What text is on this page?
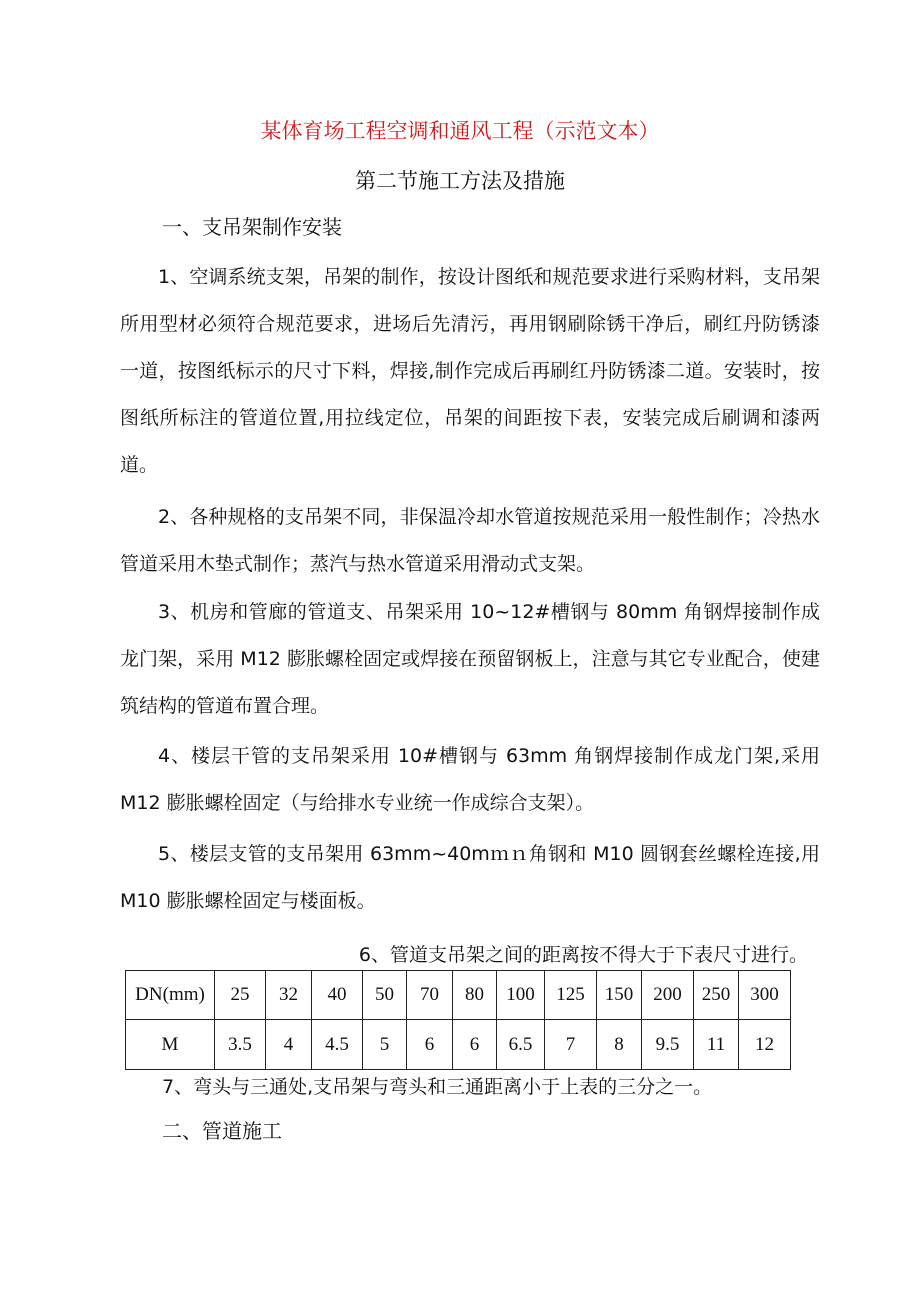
某体育场工程空调和通风工程（示范文本）
第二节施工方法及措施
一、支吊架制作安装

1、空调系统支架，吊架的制作，按设计图纸和规范要求进行采购材料，支吊架所用型材必须符合规范要求，进场后先清污，再用钢刷除锈干净后，刷红丹防锈漆一道，按图纸标示的尺寸下料，焊接,制作完成后再刷红丹防锈漆二道。安装时，按图纸所标注的管道位置,用拉线定位，吊架的间距按下表，安装完成后刷调和漆两道。

2、各种规格的支吊架不同，非保温冷却水管道按规范采用一般性制作；冷热水管道采用木垫式制作；蒸汽与热水管道采用滑动式支架。

3、机房和管廊的管道支、吊架采用 10~12#槽钢与 80mm 角钢焊接制作成龙门架，采用 M12 膨胀螺栓固定或焊接在预留钢板上，注意与其它专业配合，使建筑结构的管道布置合理。

4、楼层干管的支吊架采用 10#槽钢与 63mm 角钢焊接制作成龙门架,采用 M12 膨胀螺栓固定（与给排水专业统一作成综合支架）。

5、楼层支管的支吊架用 63mm~40mｍｎ角钢和 M10 圆钢套丝螺栓连接,用 M10 膨胀螺栓固定与楼面板。

6、管道支吊架之间的距离按不得大于下表尺寸进行。
DN(mm)	25	32	40	50	70	80	100	125	150	200	250	300
M	3.5	4	4.5	5	6	6	6.5	7	8	9.5	11	12
7、弯头与三通处,支吊架与弯头和三通距离小于上表的三分之一。
二、管道施工
